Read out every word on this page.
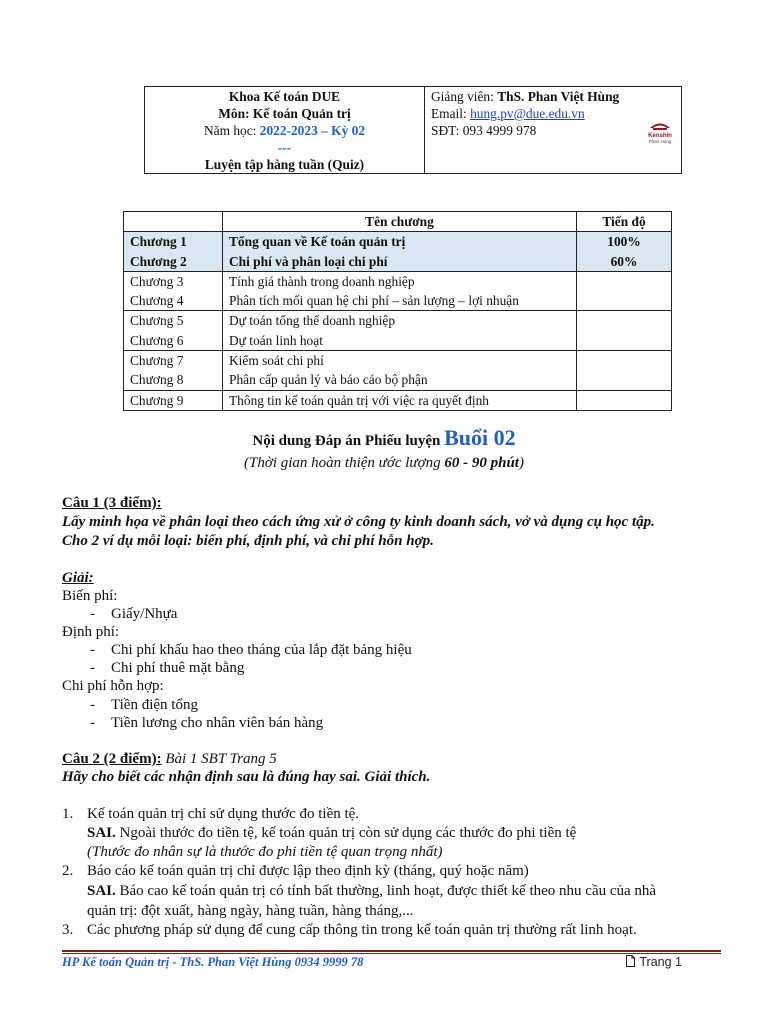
Khoa Kế toán DUE
Môn: Kế toán Quản trị
Năm học: 2022-2023 – Kỳ 02
---
Luyện tập hàng tuần (Quiz)
Giảng viên: ThS. Phan Việt Hùng
Email: hung.pv@due.edu.vn
SĐT: 093 4999 978	Kenshin
Phan Hùng
	Tên chương	Tiến độ
Chương 1	Tổng quan về Kế toán quản trị	100%
Chương 2	Chi phí và phân loại chi phí	60%
Chương 3	Tính giá thành trong doanh nghiệp	
Chương 4	Phân tích mối quan hệ chi phí – sản lượng – lợi nhuận	
Chương 5	Dự toán tổng thể doanh nghiệp	
Chương 6	Dự toán linh hoạt	
Chương 7	Kiểm soát chi phí	
Chương 8	Phân cấp quản lý và báo cáo bộ phận	
Chương 9	Thông tin kế toán quản trị với việc ra quyết định	
Nội dung Đáp án Phiếu luyện Buổi 02
(Thời gian hoàn thiện ước lượng 60 - 90 phút)
Câu 1 (3 điểm):
Lấy minh họa về phân loại theo cách ứng xử ở công ty kinh doanh sách, vở và dụng cụ học tập.
Cho 2 ví dụ mỗi loại: biến phí, định phí, và chi phí hỗn hợp.
Giải:
Biến phí:
- Giấy/Nhựa
Định phí:
- Chi phí khấu hao theo tháng của lắp đặt bảng hiệu
- Chi phí thuê mặt bằng
Chi phí hỗn hợp:
- Tiền điện tổng
- Tiền lương cho nhân viên bán hàng
Câu 2 (2 điểm): Bài 1 SBT Trang 5
Hãy cho biết các nhận định sau là đúng hay sai. Giải thích.
1. Kế toán quản trị chỉ sử dụng thước đo tiền tệ.
SAI. Ngoài thước đo tiền tệ, kế toán quản trị còn sử dụng các thước đo phi tiền tệ
(Thước đo nhân sự là thước đo phi tiền tệ quan trọng nhất)
2. Báo cáo kế toán quản trị chỉ được lập theo định kỳ (tháng, quý hoặc năm)
SAI. Báo cao kế toán quản trị có tính bất thường, linh hoạt, được thiết kế theo nhu cầu của nhà
quản trị: đột xuất, hàng ngày, hàng tuần, hàng tháng,...
3. Các phương pháp sử dụng để cung cấp thông tin trong kế toán quản trị thường rất linh hoạt.
HP Kế toán Quản trị - ThS. Phan Việt Hùng 0934 9999 78	Trang 1
